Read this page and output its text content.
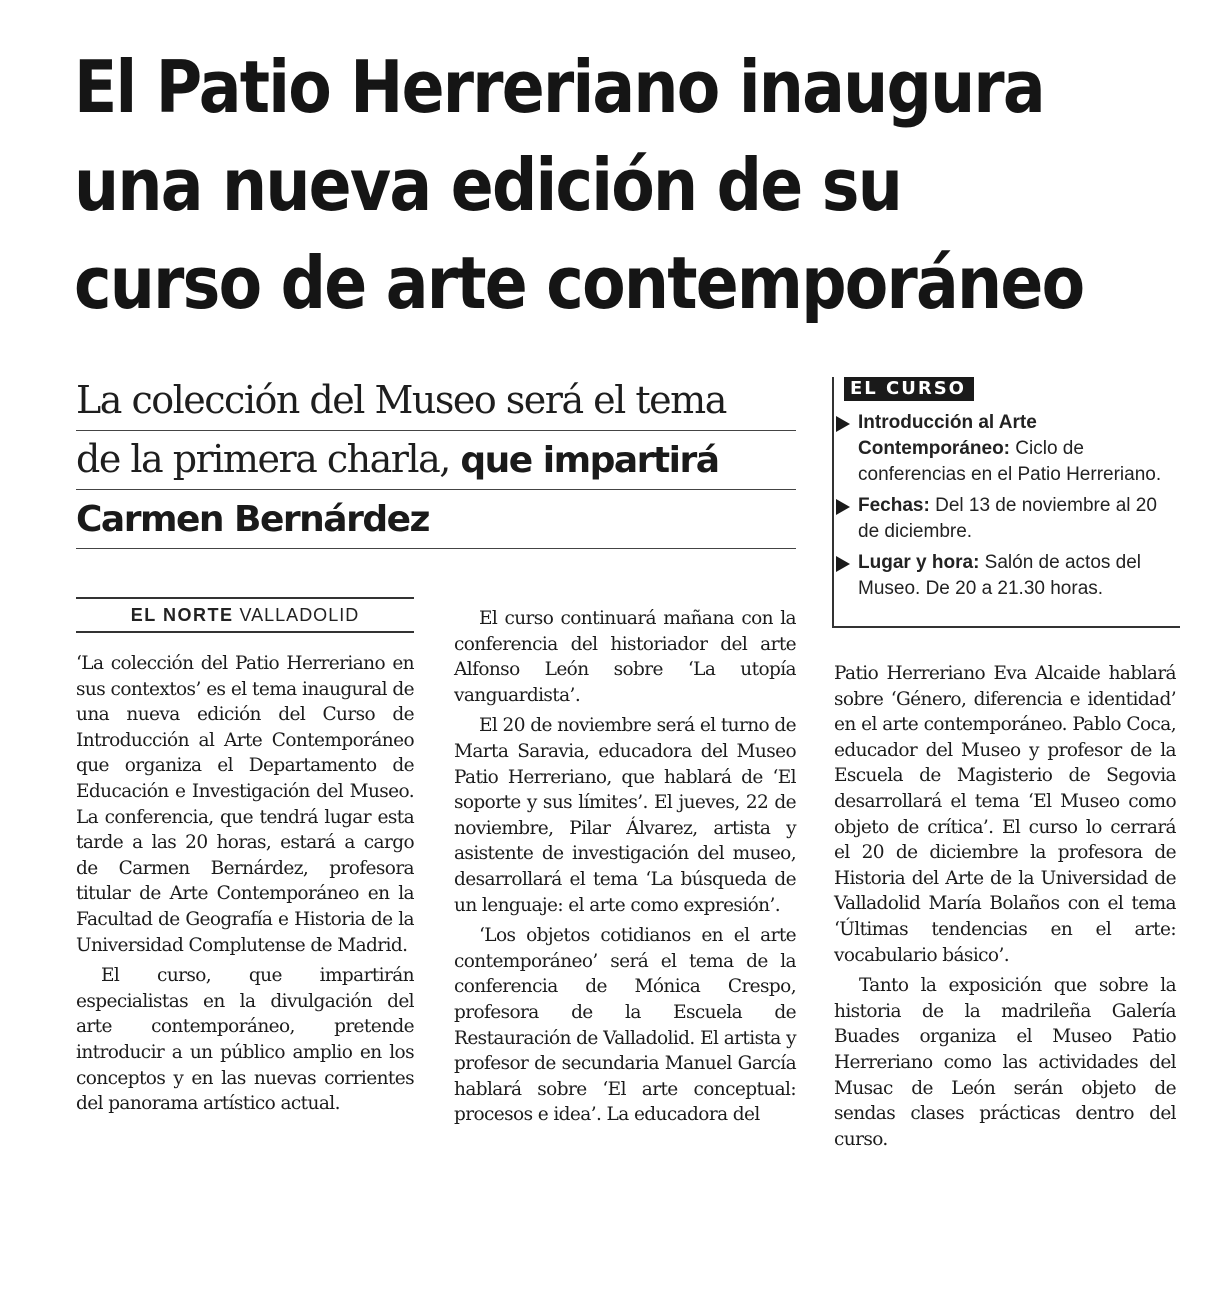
El Patio Herreriano inaugura
una nueva edición de su
curso de arte contemporáneo
La colección del Museo será el tema
de la primera charla, que impartirá
Carmen Bernárdez
EL CURSO
Introducción al Arte Contemporáneo: Ciclo de conferencias en el Patio Herreriano.
Fechas: Del 13 de noviembre al 20 de diciembre.
Lugar y hora: Salón de actos del Museo. De 20 a 21.30 horas.
EL NORTE VALLADOLID

‘La colección del Patio Herreriano en sus contextos’ es el tema inaugural de una nueva edición del Curso de Introducción al Arte Contemporáneo que organiza el Departamento de Educación e Investigación del Museo. La conferencia, que tendrá lugar esta tarde a las 20 horas, estará a cargo de Carmen Bernárdez, profesora titular de Arte Contemporáneo en la Facultad de Geografía e Historia de la Universidad Complutense de Madrid.

El curso, que impartirán especialistas en la divulgación del arte contemporáneo, pretende introducir a un público amplio en los conceptos y en las nuevas corrientes del panorama artístico actual.

El curso continuará mañana con la conferencia del historiador del arte Alfonso León sobre ‘La utopía vanguardista’.

El 20 de noviembre será el turno de Marta Saravia, educadora del Museo Patio Herreriano, que hablará de ‘El soporte y sus límites’. El jueves, 22 de noviembre, Pilar Álvarez, artista y asistente de investigación del museo, desarrollará el tema ‘La búsqueda de un lenguaje: el arte como expresión’.

‘Los objetos cotidianos en el arte contemporáneo’ será el tema de la conferencia de Mónica Crespo, profesora de la Escuela de Restauración de Valladolid. El artista y profesor de secundaria Manuel García hablará sobre ‘El arte conceptual: procesos e idea’. La educadora del

Patio Herreriano Eva Alcaide hablará sobre ‘Género, diferencia e identidad’ en el arte contemporáneo. Pablo Coca, educador del Museo y profesor de la Escuela de Magisterio de Segovia desarrollará el tema ‘El Museo como objeto de crítica’. El curso lo cerrará el 20 de diciembre la profesora de Historia del Arte de la Universidad de Valladolid María Bolaños con el tema ‘Últimas tendencias en el arte: vocabulario básico’.

Tanto la exposición que sobre la historia de la madrileña Galería Buades organiza el Museo Patio Herreriano como las actividades del Musac de León serán objeto de sendas clases prácticas dentro del curso.
